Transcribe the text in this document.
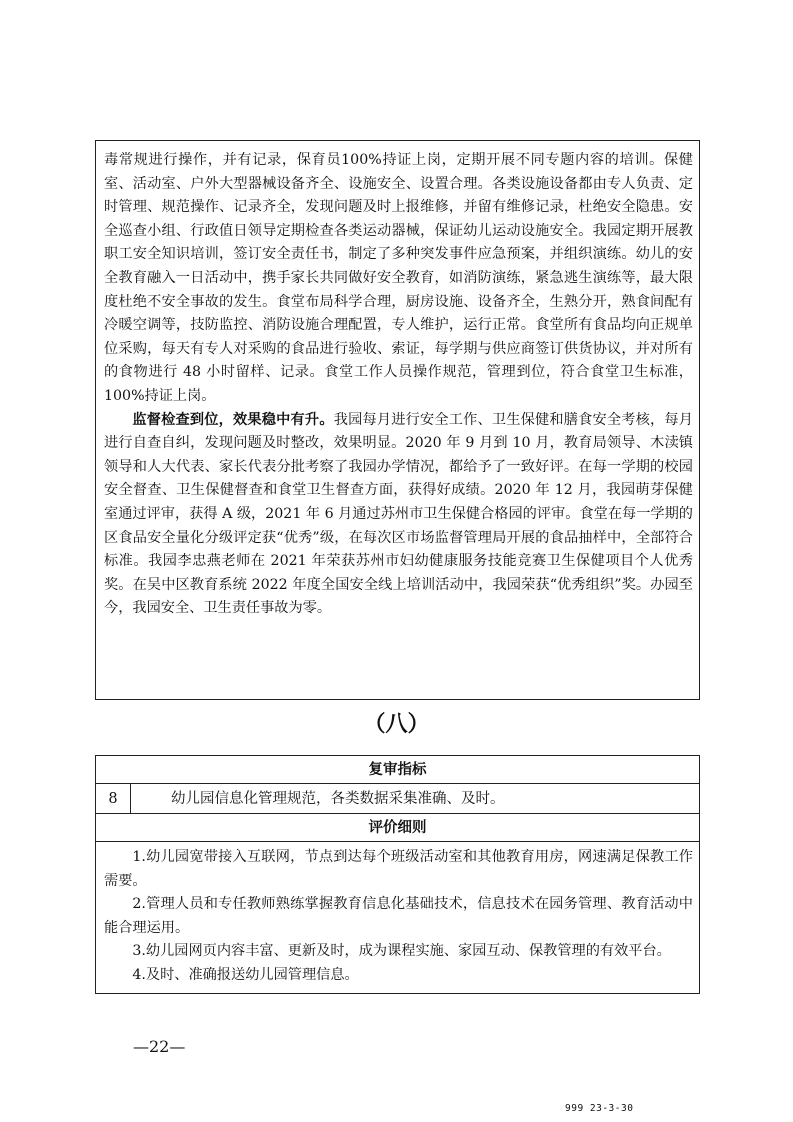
毒常规进行操作，并有记录，保育员100%持证上岗，定期开展不同专题内容的培训。保健室、活动室、户外大型器械设备齐全、设施安全、设置合理。各类设施设备都由专人负责、定时管理、规范操作、记录齐全，发现问题及时上报维修，并留有维修记录，杜绝安全隐患。安全巡查小组、行政值日领导定期检查各类运动器械，保证幼儿运动设施安全。我园定期开展教职工安全知识培训，签订安全责任书，制定了多种突发事件应急预案，并组织演练。幼儿的安全教育融入一日活动中，携手家长共同做好安全教育，如消防演练，紧急逃生演练等，最大限度杜绝不安全事故的发生。食堂布局科学合理，厨房设施、设备齐全，生熟分开，熟食间配有冷暖空调等，技防监控、消防设施合理配置，专人维护，运行正常。食堂所有食品均向正规单位采购，每天有专人对采购的食品进行验收、索证，每学期与供应商签订供货协议，并对所有的食物进行 48 小时留样、记录。食堂工作人员操作规范，管理到位，符合食堂卫生标准，100%持证上岗。

监督检查到位，效果稳中有升。我园每月进行安全工作、卫生保健和膳食安全考核，每月进行自查自纠，发现问题及时整改，效果明显。2020 年 9 月到 10 月，教育局领导、木渎镇领导和人大代表、家长代表分批考察了我园办学情况，都给予了一致好评。在每一学期的校园安全督查、卫生保健督查和食堂卫生督查方面，获得好成绩。2020 年 12 月，我园萌芽保健室通过评审，获得 A 级，2021 年 6 月通过苏州市卫生保健合格园的评审。食堂在每一学期的区食品安全量化分级评定获“优秀”级，在每次区市场监督管理局开展的食品抽样中，全部符合标准。我园李忠燕老师在 2021 年荣获苏州市妇幼健康服务技能竞赛卫生保健项目个人优秀奖。在吴中区教育系统 2022 年度全国安全线上培训活动中，我园荣获“优秀组织”奖。办园至今，我园安全、卫生责任事故为零。

（八）
复审指标
8	幼儿园信息化管理规范，各类数据采集准确、及时。
评价细则

1.幼儿园宽带接入互联网，节点到达每个班级活动室和其他教育用房，网速满足保教工作需要。

2.管理人员和专任教师熟练掌握教育信息化基础技术，信息技术在园务管理、教育活动中能合理运用。

3.幼儿园网页内容丰富、更新及时，成为课程实施、家园互动、保教管理的有效平台。

4.及时、准确报送幼儿园管理信息。

—22—
999 23-3-30
